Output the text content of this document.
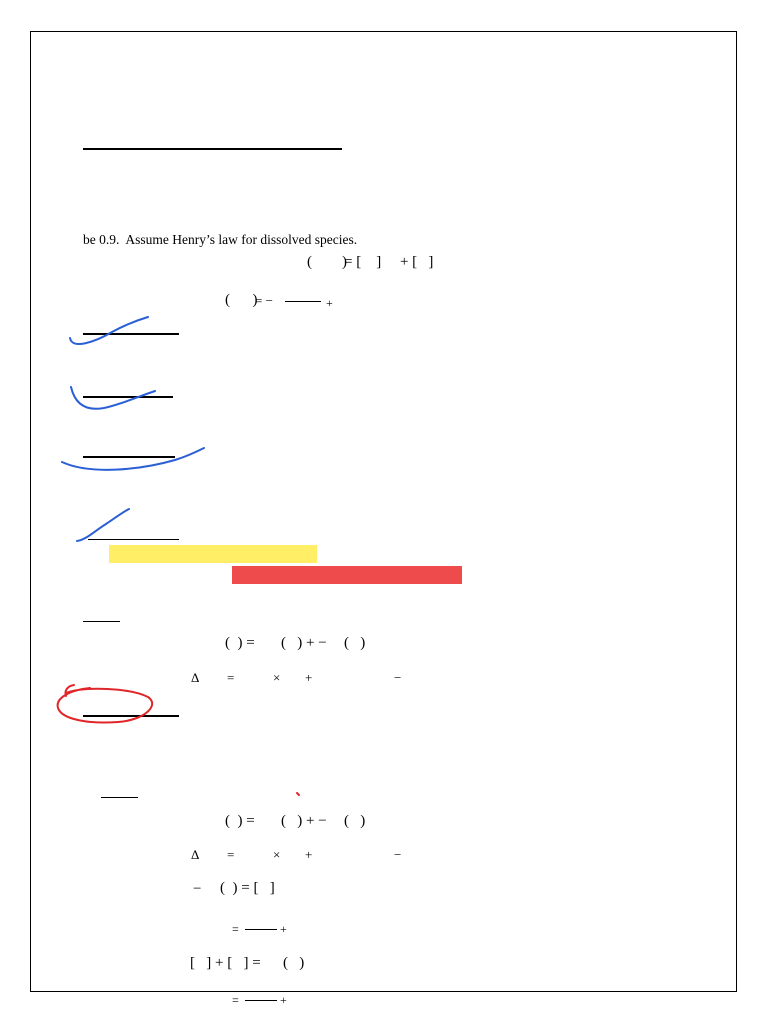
be 0.9.  Assume Henry’s law for dissolved species.
(        )
= [    ]     + [   ]
(      )
= −	+
(  ) = (   ) + − (   )
Δ =	× +	−
(  ) = (   ) + − (   )
Δ =	× +	−
− (  ) = [   ]
=	+
[   ] + [   ] = (   )
=	+
